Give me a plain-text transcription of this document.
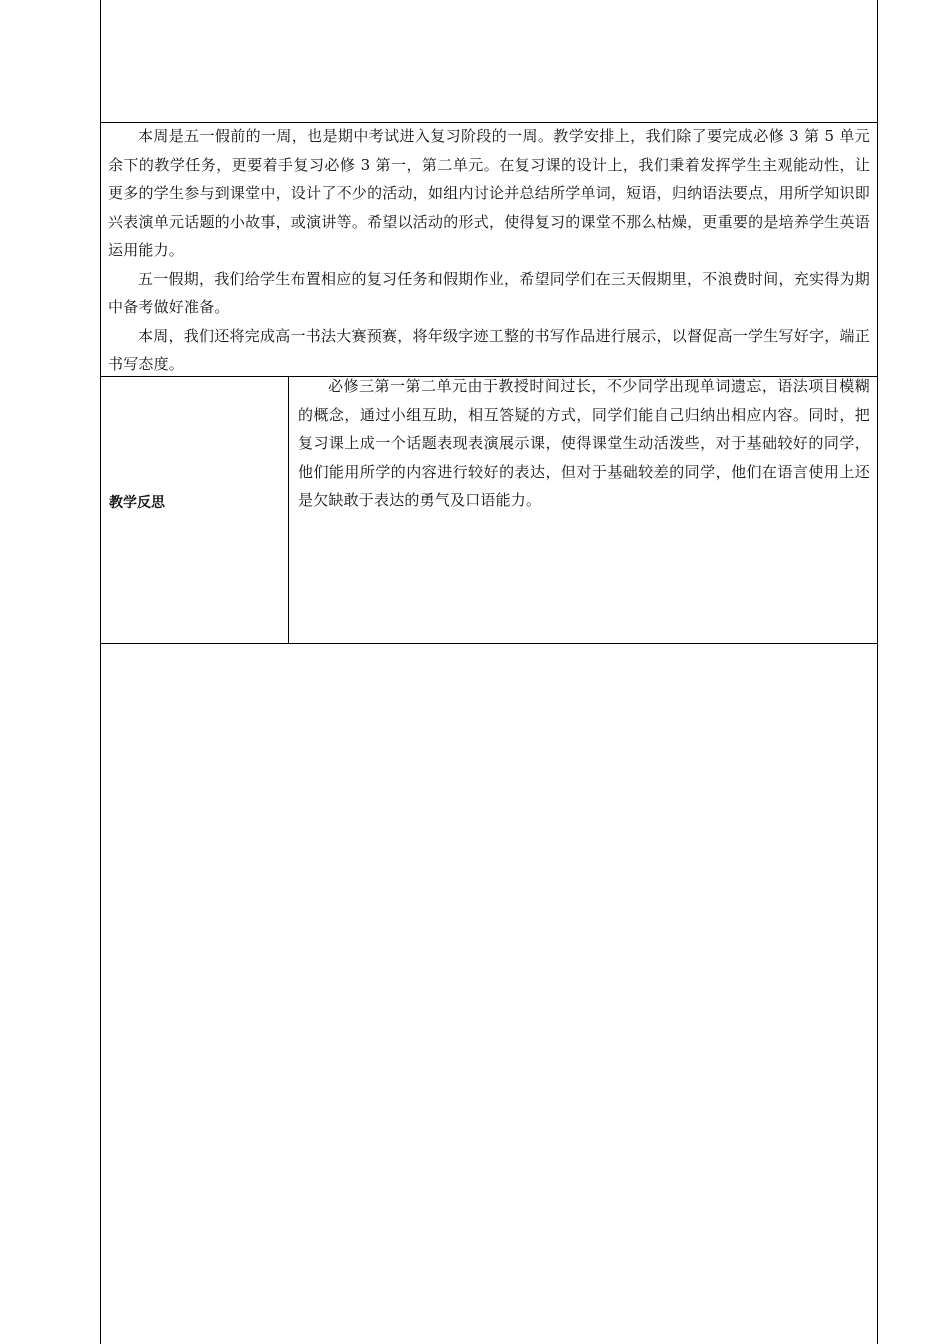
本周是五一假前的一周，也是期中考试进入复习阶段的一周。教学安排上，我们除了要完成必修 3 第 5 单元余下的教学任务，更要着手复习必修 3 第一，第二单元。在复习课的设计上，我们秉着发挥学生主观能动性，让更多的学生参与到课堂中，设计了不少的活动，如组内讨论并总结所学单词，短语，归纳语法要点，用所学知识即兴表演单元话题的小故事，或演讲等。希望以活动的形式，使得复习的课堂不那么枯燥，更重要的是培养学生英语运用能力。

五一假期，我们给学生布置相应的复习任务和假期作业，希望同学们在三天假期里，不浪费时间，充实得为期中备考做好准备。

本周，我们还将完成高一书法大赛预赛，将年级字迹工整的书写作品进行展示，以督促高一学生写好字，端正书写态度。

教学反思

必修三第一第二单元由于教授时间过长，不少同学出现单词遗忘，语法项目模糊的概念，通过小组互助，相互答疑的方式，同学们能自己归纳出相应内容。同时，把复习课上成一个话题表现表演展示课，使得课堂生动活泼些，对于基础较好的同学，他们能用所学的内容进行较好的表达，但对于基础较差的同学，他们在语言使用上还是欠缺敢于表达的勇气及口语能力。
